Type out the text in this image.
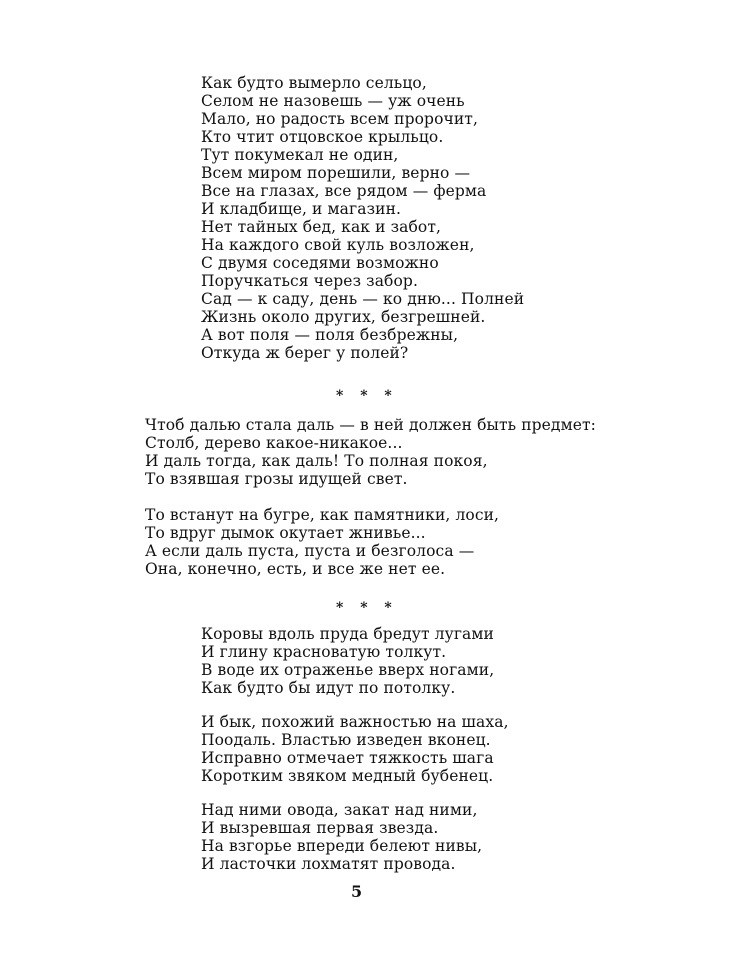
Как будто вымерло сельцо,
Селом не назовешь — уж очень
Мало, но радость всем пророчит,
Кто чтит отцовское крыльцо.
Тут покумекал не один,
Всем миром порешили, верно —
Все на глазах, все рядом — ферма
И кладбище, и магазин.
Нет тайных бед, как и забот,
На каждого свой куль возложен,
С двумя соседями возможно
Поручкаться через забор.
Сад — к саду, день — ко дню... Полней
Жизнь около других, безгрешней.
А вот поля — поля безбрежны,
Откуда ж берег у полей?
* * *
Чтоб далью стала даль — в ней должен быть предмет:
Столб, дерево какое-никакое...
И даль тогда, как даль! То полная покоя,
То взявшая грозы идущей свет.
То встанут на бугре, как памятники, лоси,
То вдруг дымок окутает жнивье...
А если даль пуста, пуста и безголоса —
Она, конечно, есть, и все же нет ее.
* * *
Коровы вдоль пруда бредут лугами
И глину красноватую толкут.
В воде их отраженье вверх ногами,
Как будто бы идут по потолку.
И бык, похожий важностью на шаха,
Поодаль. Властью изведен вконец.
Исправно отмечает тяжкость шага
Коротким звяком медный бубенец.
Над ними овода, закат над ними,
И вызревшая первая звезда.
На взгорье впереди белеют нивы,
И ласточки лохматят провода.
5
